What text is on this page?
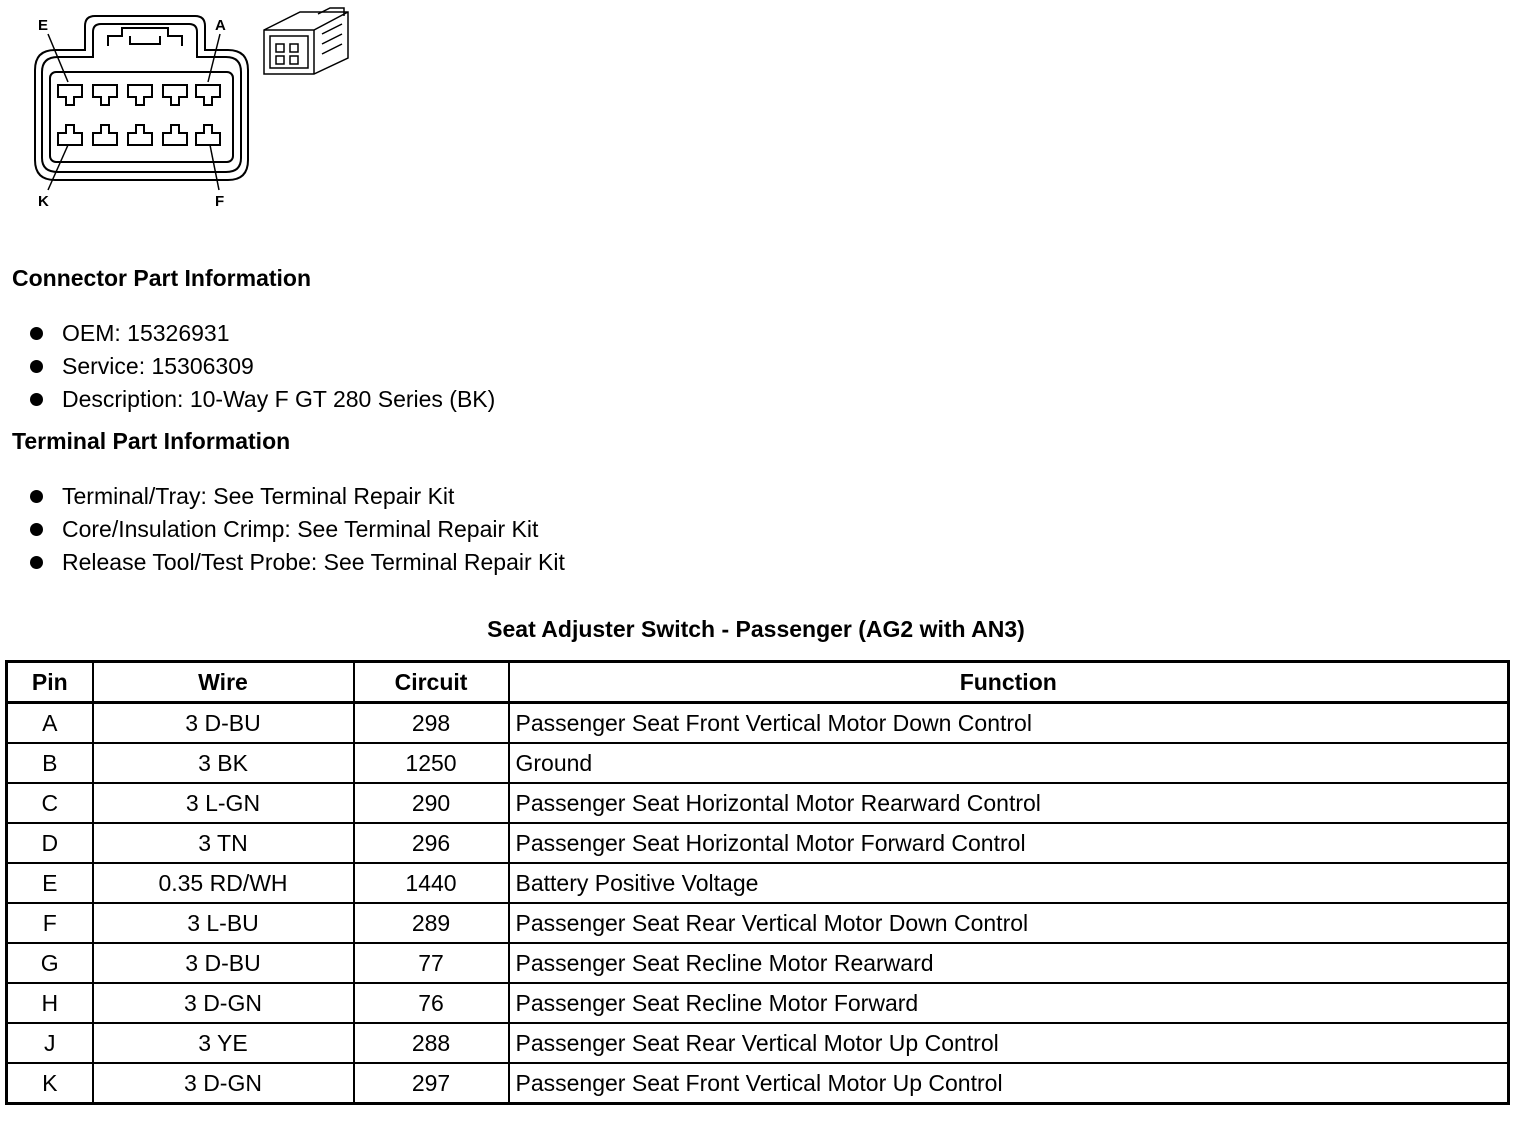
E	A
K	F
Connector Part Information
OEM: 15326931
Service: 15306309
Description: 10-Way F GT 280 Series (BK)
Terminal Part Information
Terminal/Tray: See Terminal Repair Kit
Core/Insulation Crimp: See Terminal Repair Kit
Release Tool/Test Probe: See Terminal Repair Kit
Seat Adjuster Switch - Passenger (AG2 with AN3)
Pin	Wire	Circuit	Function
A	3 D-BU	298	Passenger Seat Front Vertical Motor Down Control
B	3 BK	1250	Ground
C	3 L-GN	290	Passenger Seat Horizontal Motor Rearward Control
D	3 TN	296	Passenger Seat Horizontal Motor Forward Control
E	0.35 RD/WH	1440	Battery Positive Voltage
F	3 L-BU	289	Passenger Seat Rear Vertical Motor Down Control
G	3 D-BU	77	Passenger Seat Recline Motor Rearward
H	3 D-GN	76	Passenger Seat Recline Motor Forward
J	3 YE	288	Passenger Seat Rear Vertical Motor Up Control
K	3 D-GN	297	Passenger Seat Front Vertical Motor Up Control
